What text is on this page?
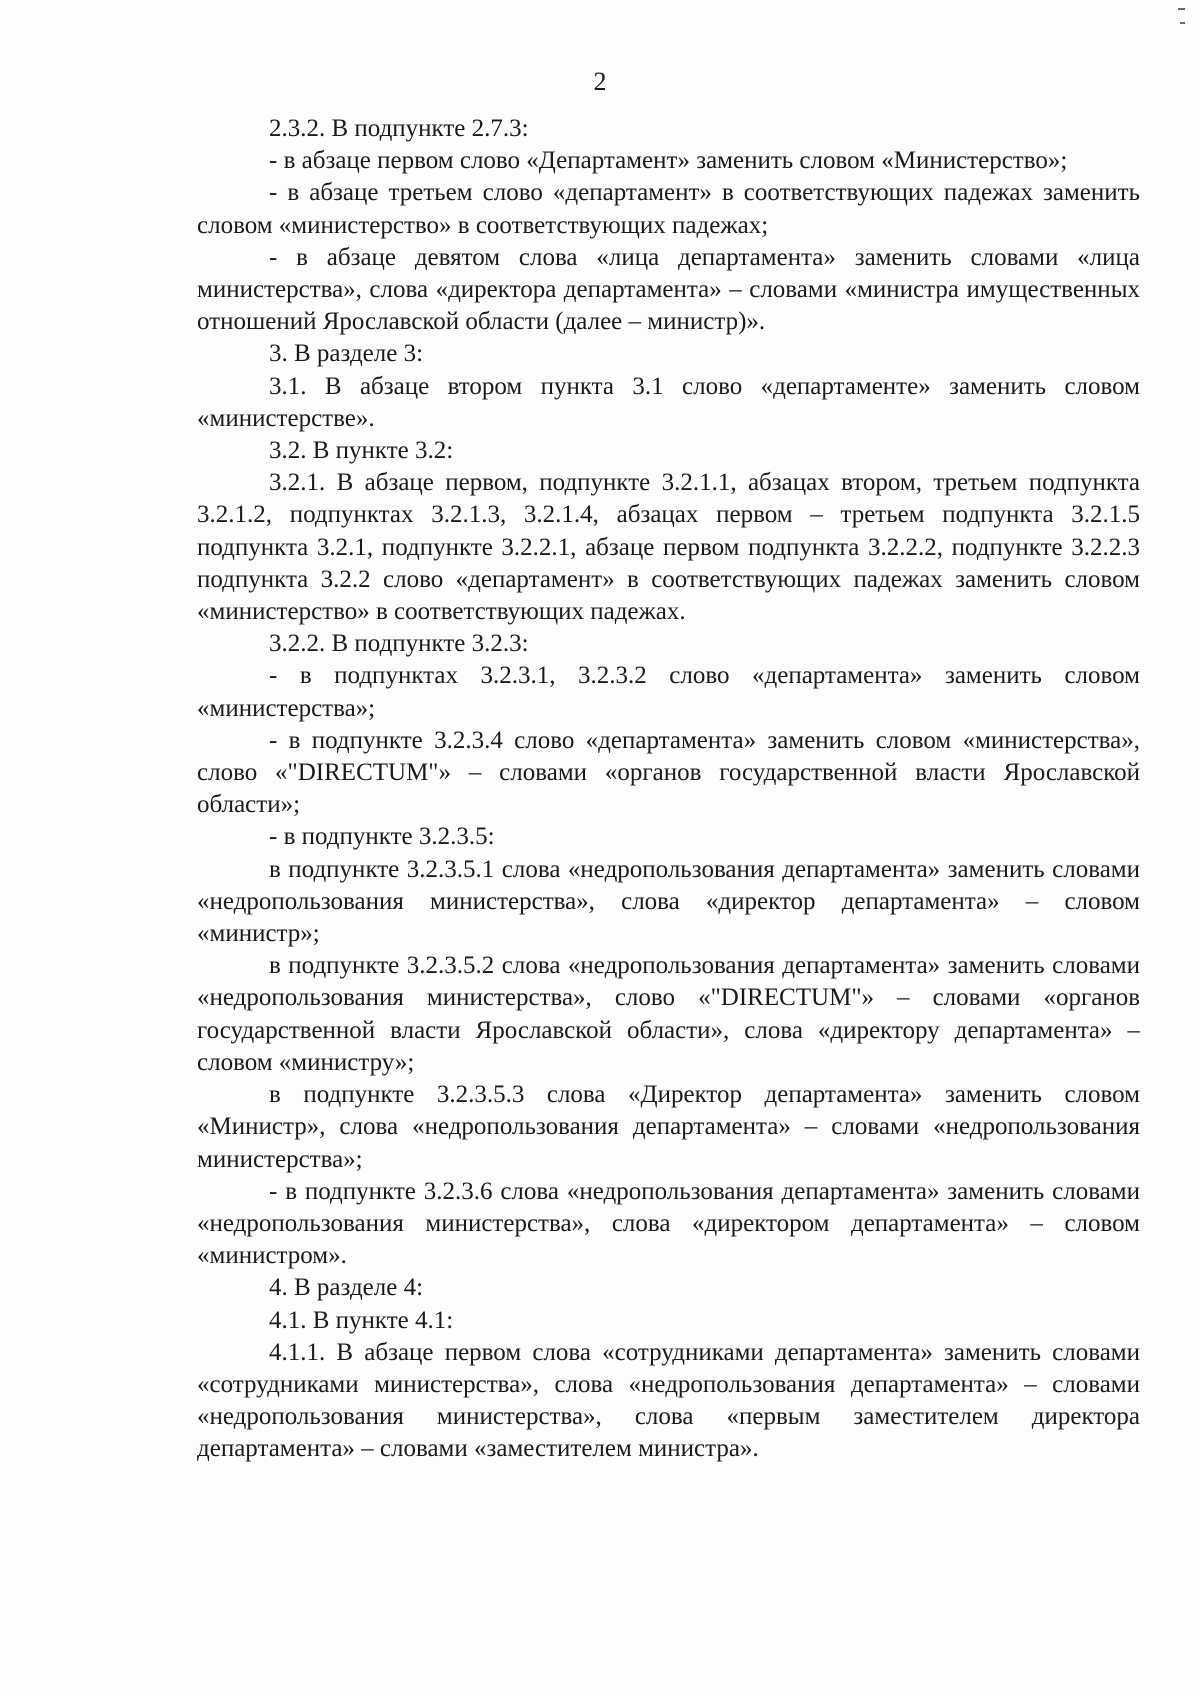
2

2.3.2. В подпункте 2.7.3:

- в абзаце первом слово «Департамент» заменить словом «Министерство»;

- в абзаце третьем слово «департамент» в соответствующих падежах заменить словом «министерство» в соответствующих падежах;

- в абзаце девятом слова «лица департамента» заменить словами «лица министерства», слова «директора департамента» – словами «министра имущественных отношений Ярославской области (далее – министр)».

3. В разделе 3:

3.1. В абзаце втором пункта 3.1 слово «департаменте» заменить словом «министерстве».

3.2. В пункте 3.2:

3.2.1. В абзаце первом, подпункте 3.2.1.1, абзацах втором, третьем подпункта 3.2.1.2, подпунктах 3.2.1.3, 3.2.1.4, абзацах первом – третьем подпункта 3.2.1.5 подпункта 3.2.1, подпункте 3.2.2.1, абзаце первом подпункта 3.2.2.2, подпункте 3.2.2.3 подпункта 3.2.2 слово «департамент» в соответствующих падежах заменить словом «министерство» в соответствующих падежах.

3.2.2. В подпункте 3.2.3:

- в подпунктах 3.2.3.1, 3.2.3.2 слово «департамента» заменить словом «министерства»;

- в подпункте 3.2.3.4 слово «департамента» заменить словом «министерства», слово «"DIRECTUM"» – словами «органов государственной власти Ярославской области»;

- в подпункте 3.2.3.5:

в подпункте 3.2.3.5.1 слова «недропользования департамента» заменить словами «недропользования министерства», слова «директор департамента» – словом «министр»;

в подпункте 3.2.3.5.2 слова «недропользования департамента» заменить словами «недропользования министерства», слово «"DIRECTUM"» – словами «органов государственной власти Ярославской области», слова «директору департамента» – словом «министру»;

в подпункте 3.2.3.5.3 слова «Директор департамента» заменить словом «Министр», слова «недропользования департамента» – словами «недропользования министерства»;

- в подпункте 3.2.3.6 слова «недропользования департамента» заменить словами «недропользования министерства», слова «директором департамента» – словом «министром».

4. В разделе 4:

4.1. В пункте 4.1:

4.1.1. В абзаце первом слова «сотрудниками департамента» заменить словами «сотрудниками министерства», слова «недропользования департамента» – словами «недропользования министерства», слова «первым заместителем директора департамента» – словами «заместителем министра».
